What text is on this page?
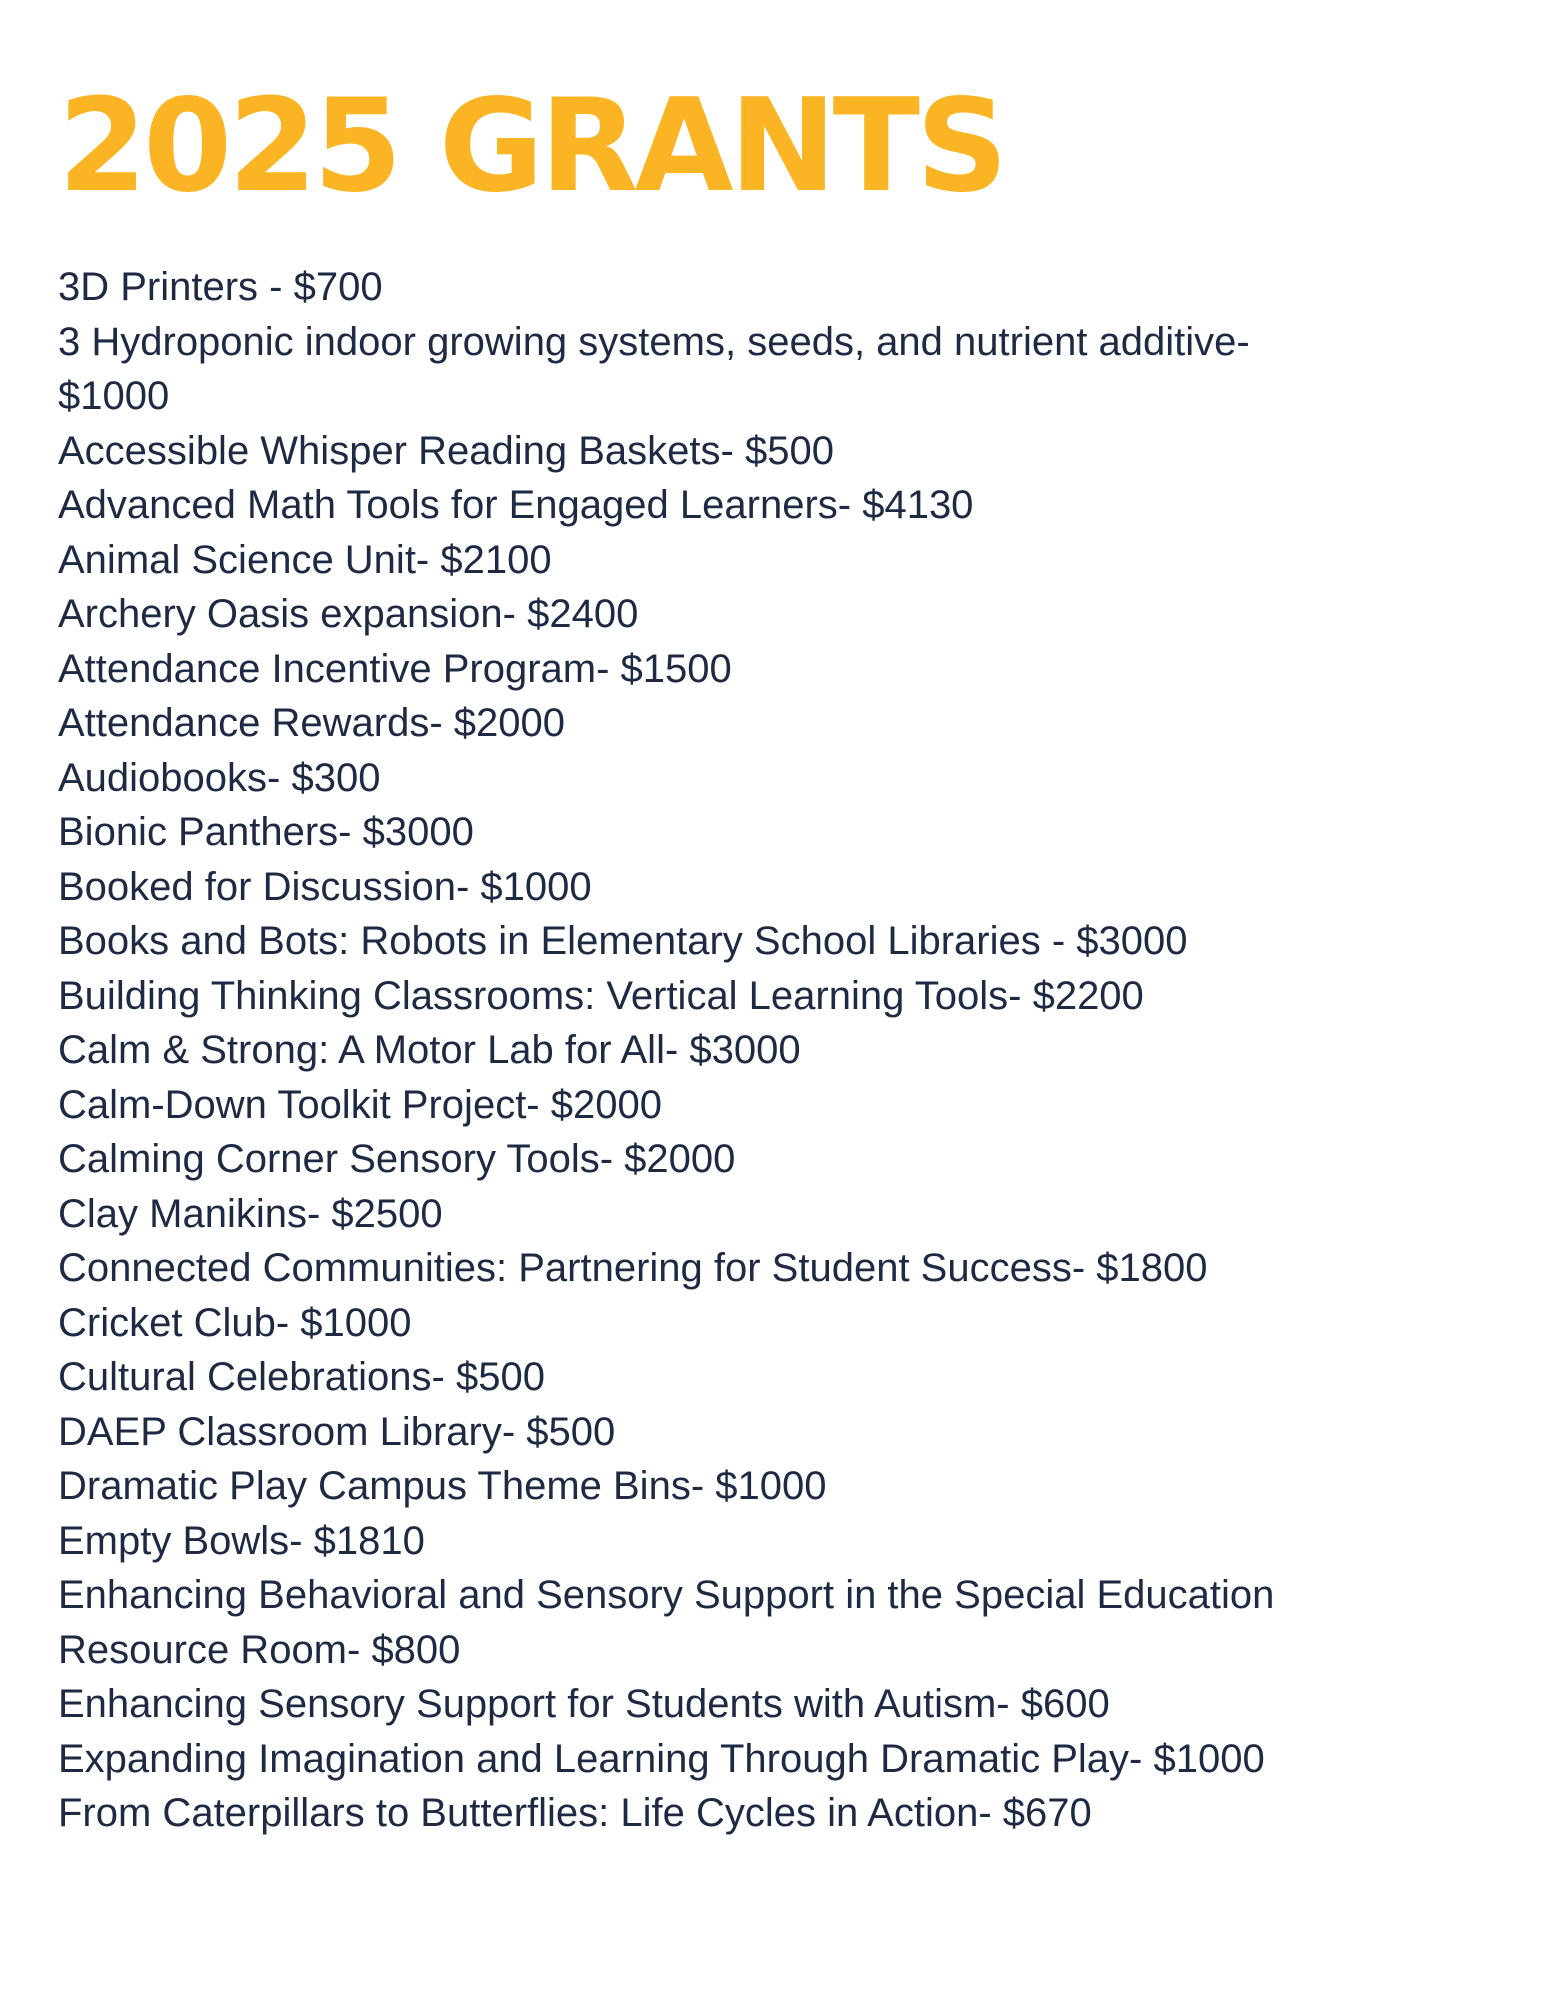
2025 GRANTS
3D Printers - $700
3 Hydroponic indoor growing systems, seeds, and nutrient additive-
$1000
Accessible Whisper Reading Baskets- $500
Advanced Math Tools for Engaged Learners- $4130
Animal Science Unit- $2100
Archery Oasis expansion- $2400
Attendance Incentive Program- $1500
Attendance Rewards- $2000
Audiobooks- $300
Bionic Panthers- $3000
Booked for Discussion- $1000
Books and Bots: Robots in Elementary School Libraries - $3000
Building Thinking Classrooms: Vertical Learning Tools- $2200
Calm & Strong: A Motor Lab for All- $3000
Calm-Down Toolkit Project- $2000
Calming Corner Sensory Tools- $2000
Clay Manikins- $2500
Connected Communities: Partnering for Student Success- $1800
Cricket Club- $1000
Cultural Celebrations- $500
DAEP Classroom Library- $500
Dramatic Play Campus Theme Bins- $1000
Empty Bowls- $1810
Enhancing Behavioral and Sensory Support in the Special Education
Resource Room- $800
Enhancing Sensory Support for Students with Autism- $600
Expanding Imagination and Learning Through Dramatic Play- $1000
From Caterpillars to Butterflies: Life Cycles in Action- $670
